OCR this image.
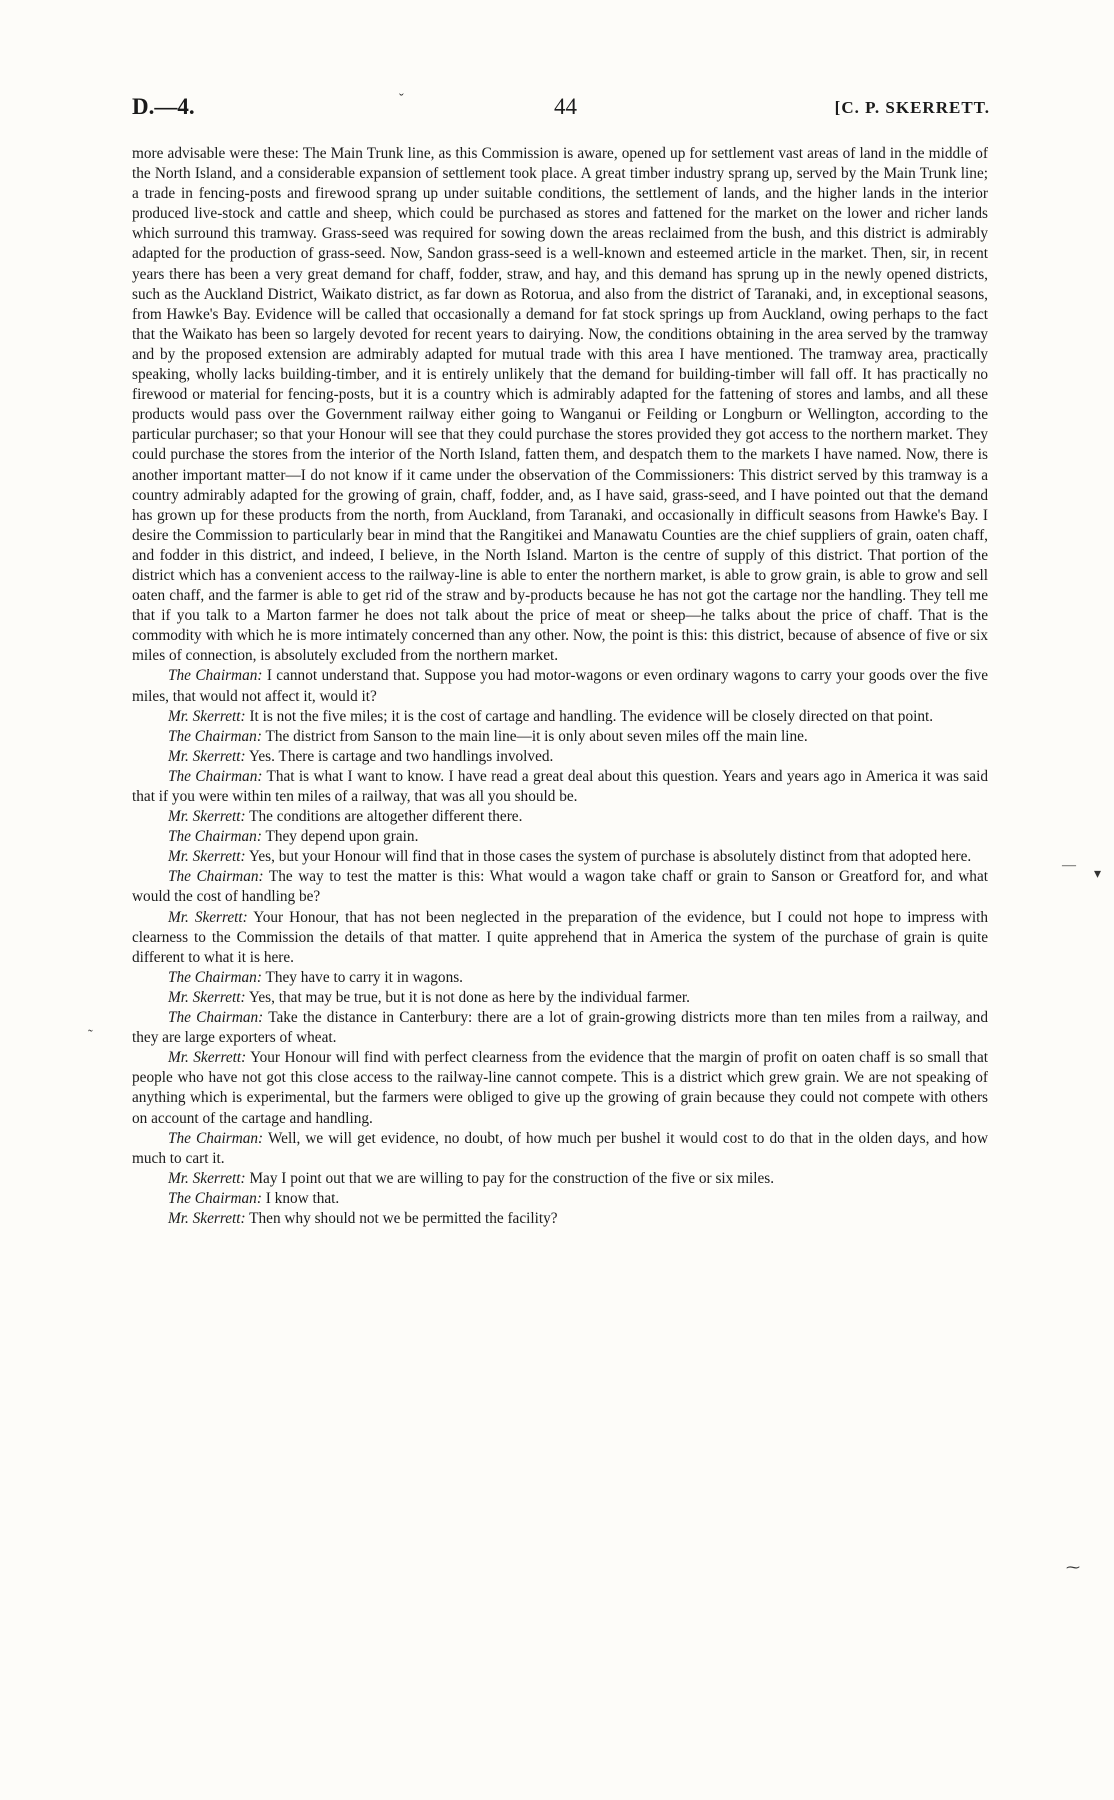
D.—4.	ˇ	44	[C. P. SKERRETT.

more advisable were these: The Main Trunk line, as this Commission is aware, opened up for settlement vast areas of land in the middle of the North Island, and a considerable expansion of settlement took place. A great timber industry sprang up, served by the Main Trunk line; a trade in fencing-posts and firewood sprang up under suitable conditions, the settlement of lands, and the higher lands in the interior produced live-stock and cattle and sheep, which could be purchased as stores and fattened for the market on the lower and richer lands which surround this tramway. Grass-seed was required for sowing down the areas reclaimed from the bush, and this district is admirably adapted for the production of grass-seed. Now, Sandon grass-seed is a well-known and esteemed article in the market. Then, sir, in recent years there has been a very great demand for chaff, fodder, straw, and hay, and this demand has sprung up in the newly opened districts, such as the Auckland District, Waikato district, as far down as Rotorua, and also from the district of Taranaki, and, in exceptional seasons, from Hawke's Bay. Evidence will be called that occasionally a demand for fat stock springs up from Auckland, owing perhaps to the fact that the Waikato has been so largely devoted for recent years to dairying. Now, the conditions obtaining in the area served by the tramway and by the proposed extension are admirably adapted for mutual trade with this area I have mentioned. The tramway area, practically speaking, wholly lacks building-timber, and it is entirely unlikely that the demand for building-timber will fall off. It has practically no firewood or material for fencing-posts, but it is a country which is admirably adapted for the fattening of stores and lambs, and all these products would pass over the Government railway either going to Wanganui or Feilding or Longburn or Wellington, according to the particular purchaser; so that your Honour will see that they could purchase the stores provided they got access to the northern market. They could purchase the stores from the interior of the North Island, fatten them, and despatch them to the markets I have named. Now, there is another important matter—I do not know if it came under the observation of the Commissioners: This district served by this tramway is a country admirably adapted for the growing of grain, chaff, fodder, and, as I have said, grass-seed, and I have pointed out that the demand has grown up for these products from the north, from Auckland, from Taranaki, and occasionally in difficult seasons from Hawke's Bay. I desire the Commission to particularly bear in mind that the Rangitikei and Manawatu Counties are the chief suppliers of grain, oaten chaff, and fodder in this district, and indeed, I believe, in the North Island. Marton is the centre of supply of this district. That portion of the district which has a convenient access to the railway-line is able to enter the northern market, is able to grow grain, is able to grow and sell oaten chaff, and the farmer is able to get rid of the straw and by-products because he has not got the cartage nor the handling. They tell me that if you talk to a Marton farmer he does not talk about the price of meat or sheep—he talks about the price of chaff. That is the commodity with which he is more intimately concerned than any other. Now, the point is this: this district, because of absence of five or six miles of connection, is absolutely excluded from the northern market.

The Chairman: I cannot understand that. Suppose you had motor-wagons or even ordinary wagons to carry your goods over the five miles, that would not affect it, would it?

Mr. Skerrett: It is not the five miles; it is the cost of cartage and handling. The evidence will be closely directed on that point.

The Chairman: The district from Sanson to the main line—it is only about seven miles off the main line.

Mr. Skerrett: Yes. There is cartage and two handlings involved.

The Chairman: That is what I want to know. I have read a great deal about this question. Years and years ago in America it was said that if you were within ten miles of a railway, that was all you should be.

Mr. Skerrett: The conditions are altogether different there.

The Chairman: They depend upon grain.

Mr. Skerrett: Yes, but your Honour will find that in those cases the system of purchase is absolutely distinct from that adopted here.

The Chairman: The way to test the matter is this: What would a wagon take chaff or grain to Sanson or Greatford for, and what would the cost of handling be?

Mr. Skerrett: Your Honour, that has not been neglected in the preparation of the evidence, but I could not hope to impress with clearness to the Commission the details of that matter. I quite apprehend that in America the system of the purchase of grain is quite different to what it is here.

The Chairman: They have to carry it in wagons.

Mr. Skerrett: Yes, that may be true, but it is not done as here by the individual farmer.

The Chairman: Take the distance in Canterbury: there are a lot of grain-growing districts more than ten miles from a railway, and they are large exporters of wheat.

Mr. Skerrett: Your Honour will find with perfect clearness from the evidence that the margin of profit on oaten chaff is so small that people who have not got this close access to the railway-line cannot compete. This is a district which grew grain. We are not speaking of anything which is experimental, but the farmers were obliged to give up the growing of grain because they could not compete with others on account of the cartage and handling.

The Chairman: Well, we will get evidence, no doubt, of how much per bushel it would cost to do that in the olden days, and how much to cart it.

Mr. Skerrett: May I point out that we are willing to pay for the construction of the five or six miles.

The Chairman: I know that.

Mr. Skerrett: Then why should not we be permitted the facility?

—
▾
˜
⁓
